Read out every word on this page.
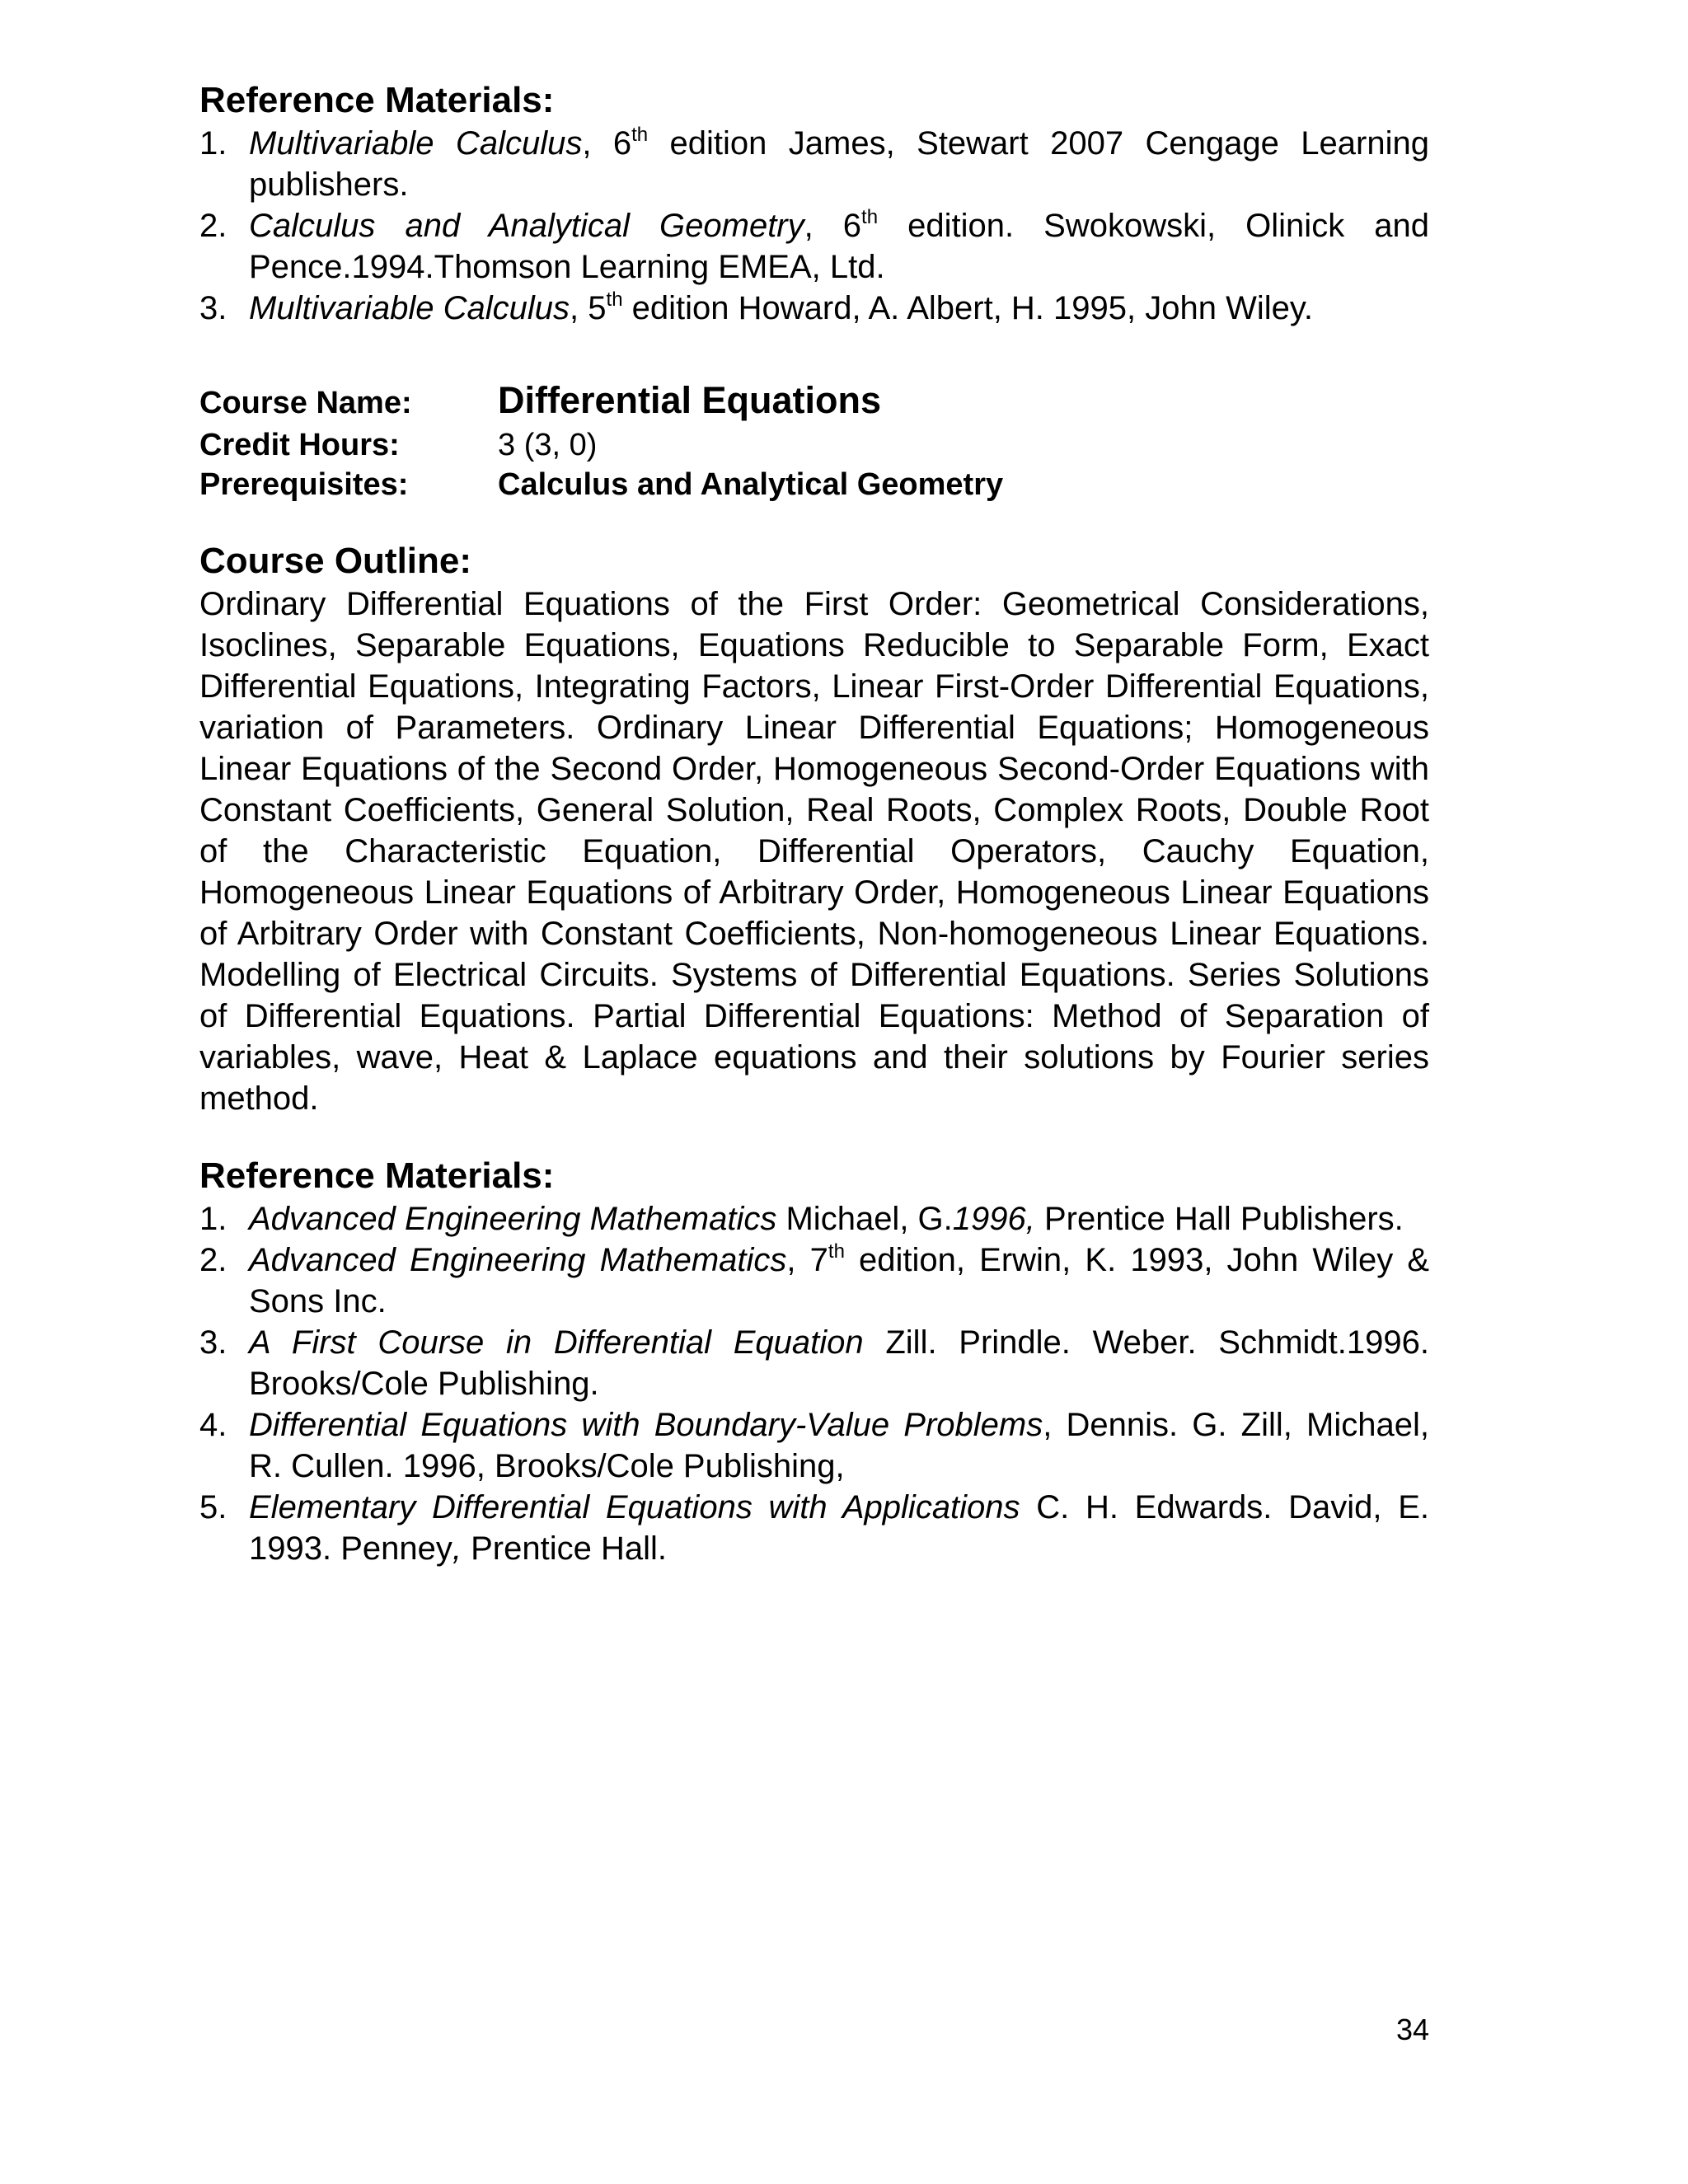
Reference Materials:
1. Multivariable Calculus, 6th edition James, Stewart 2007 Cengage Learning publishers.
2. Calculus and Analytical Geometry, 6th edition. Swokowski, Olinick and Pence.1994.Thomson Learning EMEA, Ltd.
3. Multivariable Calculus, 5th edition Howard, A. Albert, H. 1995, John Wiley.
Course Name:	Differential Equations
Credit Hours:	3 (3, 0)
Prerequisites:	Calculus and Analytical Geometry
Course Outline:

Ordinary Differential Equations of the First Order: Geometrical Considerations, Isoclines, Separable Equations, Equations Reducible to Separable Form, Exact Differential Equations, Integrating Factors, Linear First-Order Differential Equations, variation of Parameters. Ordinary Linear Differential Equations; Homogeneous Linear Equations of the Second Order, Homogeneous Second-Order Equations with Constant Coefficients, General Solution, Real Roots, Complex Roots, Double Root of the Characteristic Equation, Differential Operators, Cauchy Equation, Homogeneous Linear Equations of Arbitrary Order, Homogeneous Linear Equations of Arbitrary Order with Constant Coefficients, Non-homogeneous Linear Equations. Modelling of Electrical Circuits. Systems of Differential Equations. Series Solutions of Differential Equations. Partial Differential Equations: Method of Separation of variables, wave, Heat & Laplace equations and their solutions by Fourier series method.

Reference Materials:
1. Advanced Engineering Mathematics Michael, G.1996, Prentice Hall Publishers.
2. Advanced Engineering Mathematics, 7th edition, Erwin, K. 1993, John Wiley & Sons Inc.
3. A First Course in Differential Equation Zill. Prindle. Weber. Schmidt.1996. Brooks/Cole Publishing.
4. Differential Equations with Boundary-Value Problems, Dennis. G. Zill, Michael, R. Cullen. 1996, Brooks/Cole Publishing,
5. Elementary Differential Equations with Applications C. H. Edwards. David, E. 1993. Penney, Prentice Hall.
34
